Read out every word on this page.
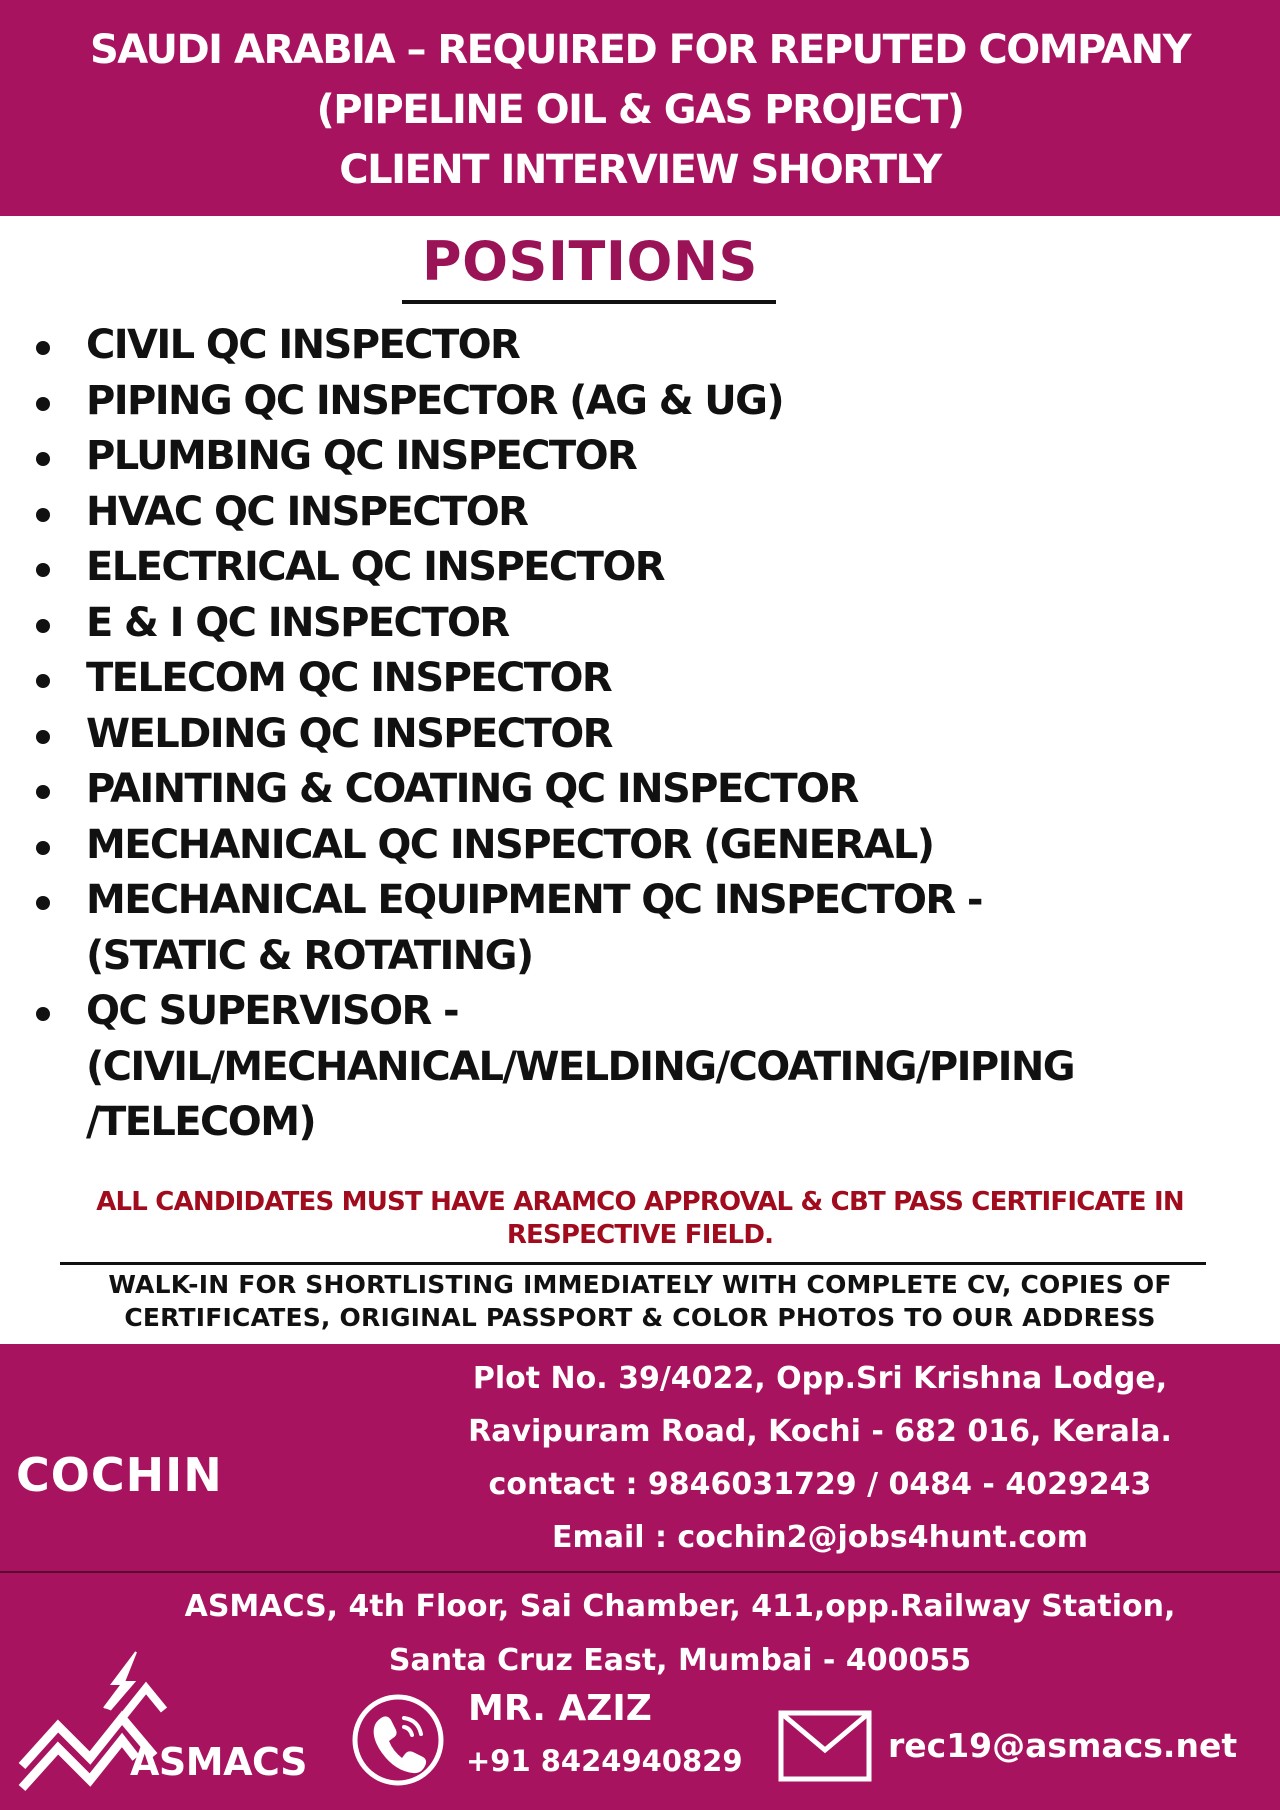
SAUDI ARABIA – REQUIRED FOR REPUTED COMPANY
(PIPELINE OIL & GAS PROJECT)
CLIENT INTERVIEW SHORTLY
POSITIONS
CIVIL QC INSPECTOR
PIPING QC INSPECTOR (AG & UG)
PLUMBING QC INSPECTOR
HVAC QC INSPECTOR
ELECTRICAL QC INSPECTOR
E & I QC INSPECTOR
TELECOM QC INSPECTOR
WELDING QC INSPECTOR
PAINTING & COATING QC INSPECTOR
MECHANICAL QC INSPECTOR (GENERAL)
MECHANICAL EQUIPMENT QC INSPECTOR -
(STATIC & ROTATING)
QC SUPERVISOR -
(CIVIL/MECHANICAL/WELDING/COATING/PIPING
/TELECOM)
ALL CANDIDATES MUST HAVE ARAMCO APPROVAL & CBT PASS CERTIFICATE IN
RESPECTIVE FIELD.
WALK-IN FOR SHORTLISTING IMMEDIATELY WITH COMPLETE CV, COPIES OF
CERTIFICATES, ORIGINAL PASSPORT & COLOR PHOTOS TO OUR ADDRESS
COCHIN
Plot No. 39/4022, Opp.Sri Krishna Lodge,
Ravipuram Road, Kochi - 682 016, Kerala.
contact : 9846031729 / 0484 - 4029243
Email : cochin2@jobs4hunt.com
ASMACS, 4th Floor, Sai Chamber, 411,opp.Railway Station,
Santa Cruz East, Mumbai - 400055
ASMACS
MR. AZIZ
+91 8424940829	rec19@asmacs.net
